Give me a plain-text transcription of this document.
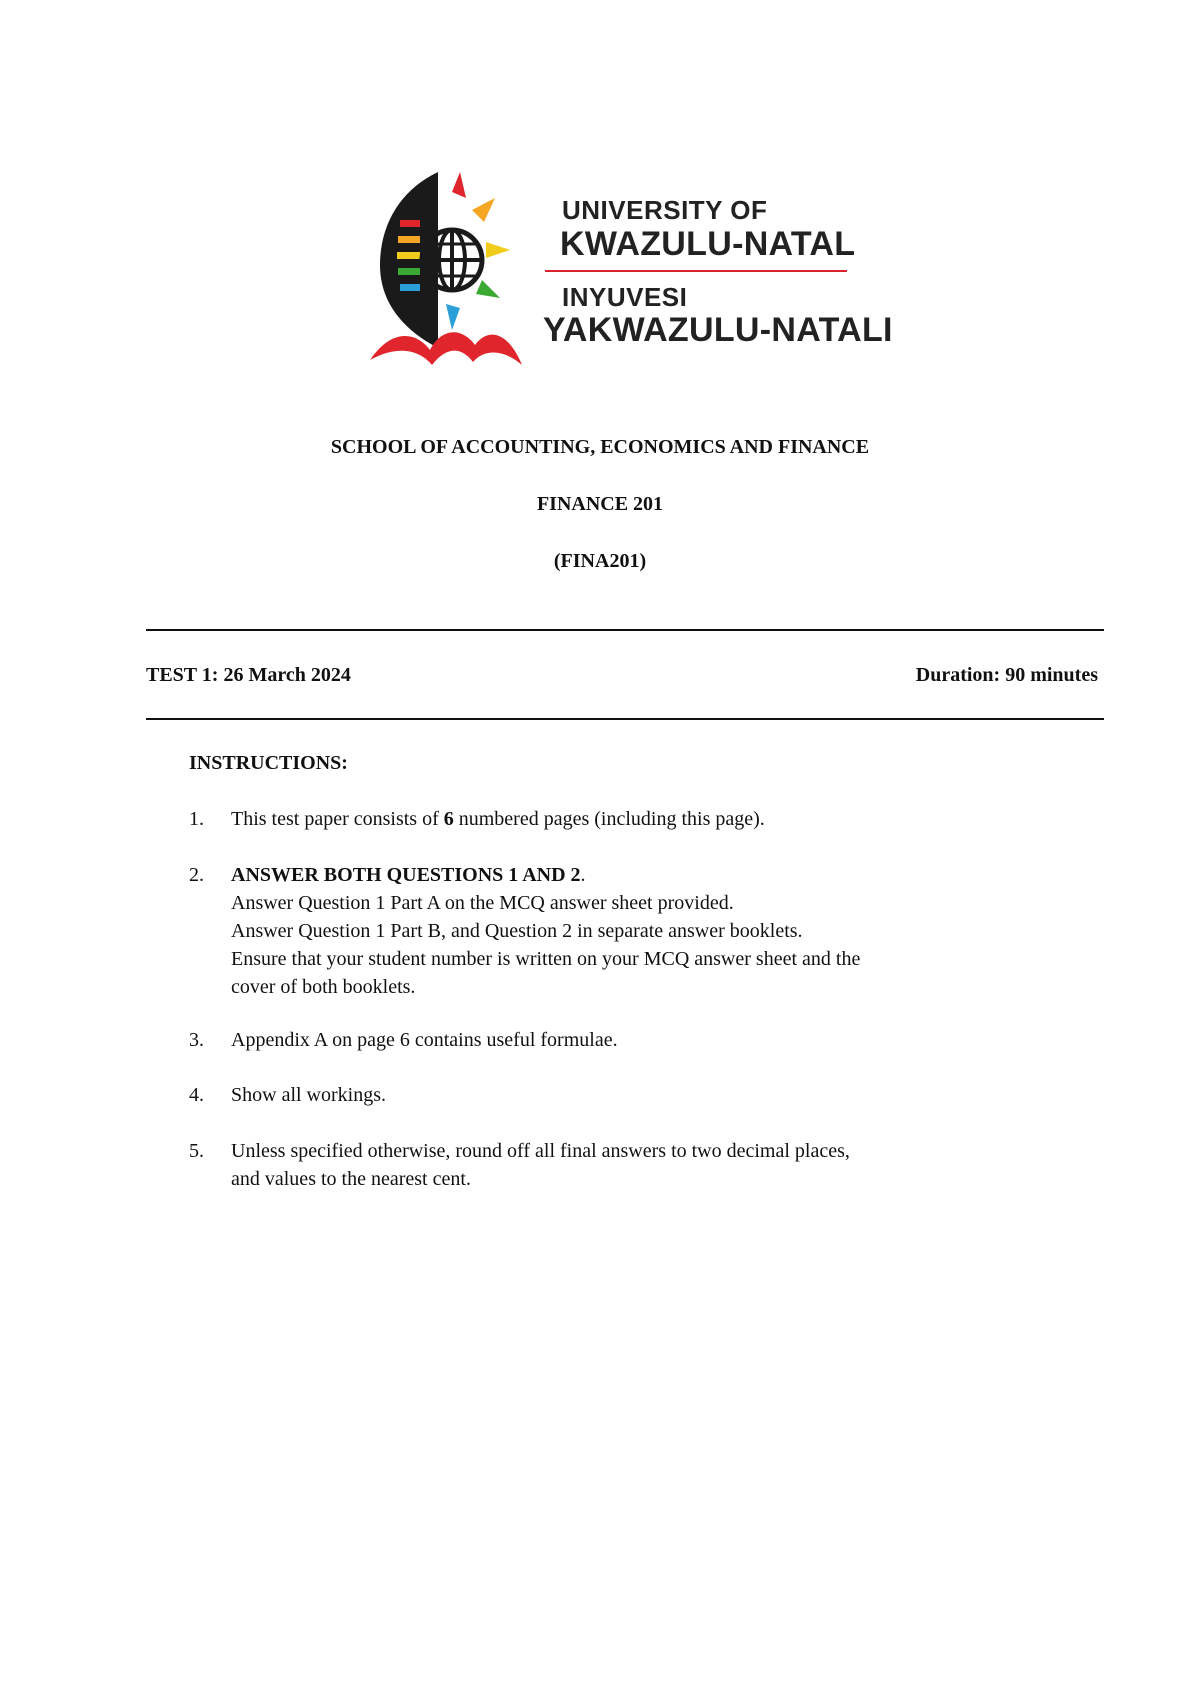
UNIVERSITY OF
KWAZULU-NATAL
INYUVESI
YAKWAZULU-NATALI
SCHOOL OF ACCOUNTING, ECONOMICS AND FINANCE
FINANCE 201
(FINA201)
TEST 1: 26 March 2024	Duration: 90 minutes
INSTRUCTIONS:
1. This test paper consists of 6 numbered pages (including this page).
2. ANSWER BOTH QUESTIONS 1 AND 2.
Answer Question 1 Part A on the MCQ answer sheet provided.
Answer Question 1 Part B, and Question 2 in separate answer booklets.
Ensure that your student number is written on your MCQ answer sheet and the
cover of both booklets.
3. Appendix A on page 6 contains useful formulae.
4. Show all workings.
5. Unless specified otherwise, round off all final answers to two decimal places,
and values to the nearest cent.
